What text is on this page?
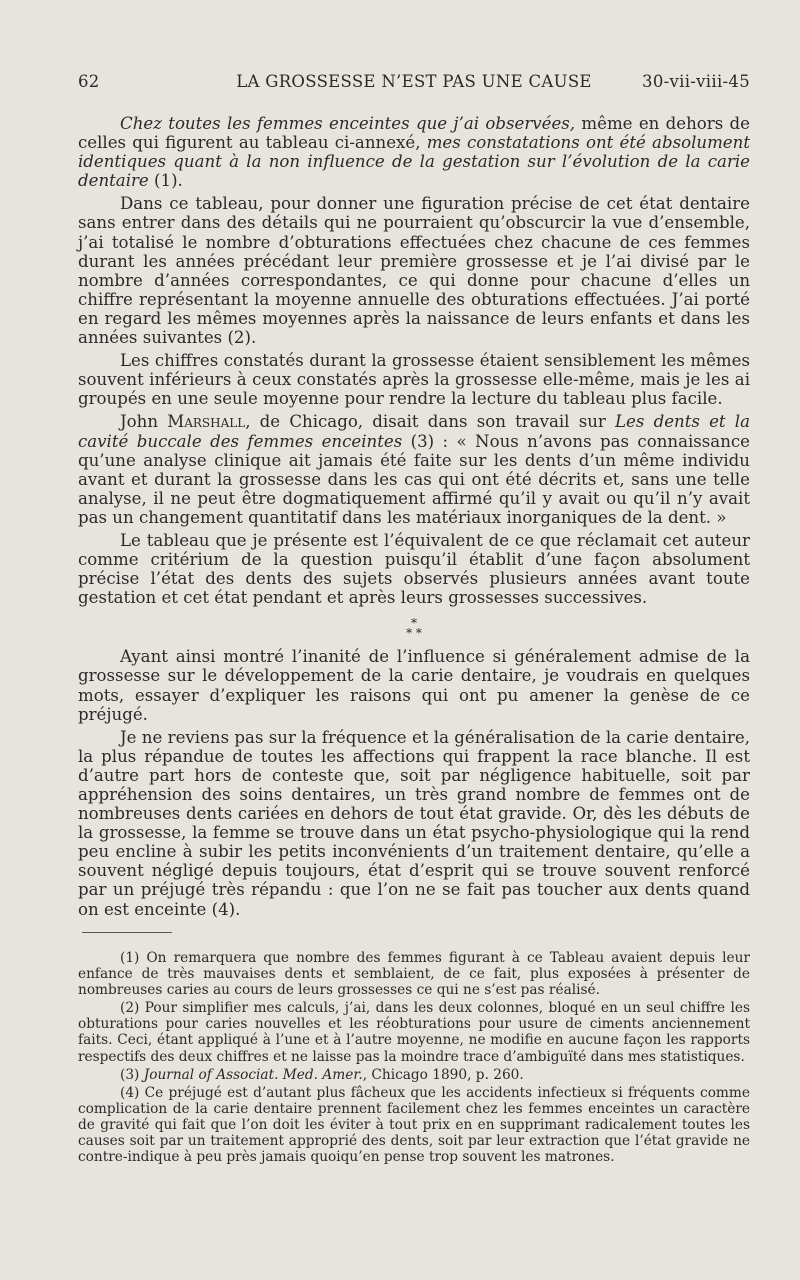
62	LA GROSSESSE N’EST PAS UNE CAUSE	30-vii-viii-45

Chez toutes les femmes enceintes que j’ai observées, même en dehors de celles qui figurent au tableau ci-annexé, mes constatations ont été absolument identiques quant à la non influence de la gestation sur l’évolution de la carie dentaire (1).

Dans ce tableau, pour donner une figuration précise de cet état dentaire sans entrer dans des détails qui ne pourraient qu’obscurcir la vue d’ensemble, j’ai totalisé le nombre d’obturations effectuées chez chacune de ces femmes durant les années précédant leur première grossesse et je l’ai divisé par le nombre d’années correspondantes, ce qui donne pour chacune d’elles un chiffre représentant la moyenne annuelle des obturations effectuées. J’ai porté en regard les mêmes moyennes après la naissance de leurs enfants et dans les années suivantes (2).

Les chiffres constatés durant la grossesse étaient sensiblement les mêmes souvent inférieurs à ceux constatés après la grossesse elle-même, mais je les ai groupés en une seule moyenne pour rendre la lecture du tableau plus facile.

John Marshall, de Chicago, disait dans son travail sur Les dents et la cavité buccale des femmes enceintes (3) : « Nous n’avons pas connaissance qu’une analyse clinique ait jamais été faite sur les dents d’un même individu avant et durant la grossesse dans les cas qui ont été décrits et, sans une telle analyse, il ne peut être dogmatiquement affirmé qu’il y avait ou qu’il n’y avait pas un changement quantitatif dans les matériaux inorganiques de la dent. »

Le tableau que je présente est l’équivalent de ce que réclamait cet auteur comme critérium de la question puisqu’il établit d’une façon absolument précise l’état des dents des sujets observés plusieurs années avant toute gestation et cet état pendant et après leurs grossesses successives.

*
* *

Ayant ainsi montré l’inanité de l’influence si généralement admise de la grossesse sur le développement de la carie dentaire, je voudrais en quelques mots, essayer d’expliquer les raisons qui ont pu amener la genèse de ce préjugé.

Je ne reviens pas sur la fréquence et la généralisation de la carie dentaire, la plus répandue de toutes les affections qui frappent la race blanche. Il est d’autre part hors de conteste que, soit par négligence habituelle, soit par appréhension des soins dentaires, un très grand nombre de femmes ont de nombreuses dents cariées en dehors de tout état gravide. Or, dès les débuts de la grossesse, la femme se trouve dans un état psycho-physiologique qui la rend peu encline à subir les petits inconvénients d’un traitement dentaire, qu’elle a souvent négligé depuis toujours, état d’esprit qui se trouve souvent renforcé par un préjugé très répandu : que l’on ne se fait pas toucher aux dents quand on est enceinte (4).

(1) On remarquera que nombre des femmes figurant à ce Tableau avaient depuis leur enfance de très mauvaises dents et semblaient, de ce fait, plus exposées à présenter de nombreuses caries au cours de leurs grossesses ce qui ne s’est pas réalisé.

(2) Pour simplifier mes calculs, j’ai, dans les deux colonnes, bloqué en un seul chiffre les obturations pour caries nouvelles et les réobturations pour usure de ciments anciennement faits. Ceci, étant appliqué à l’une et à l’autre moyenne, ne modifie en aucune façon les rapports respectifs des deux chiffres et ne laisse pas la moindre trace d’ambiguïté dans mes statistiques.

(3) Journal of Associat. Med. Amer., Chicago 1890, p. 260.

(4) Ce préjugé est d’autant plus fâcheux que les accidents infectieux si fréquents comme complication de la carie dentaire prennent facilement chez les femmes enceintes un caractère de gravité qui fait que l’on doit les éviter à tout prix en en supprimant radicalement toutes les causes soit par un traitement approprié des dents, soit par leur extraction que l’état gravide ne contre-indique à peu près jamais quoiqu’en pense trop souvent les matrones.
